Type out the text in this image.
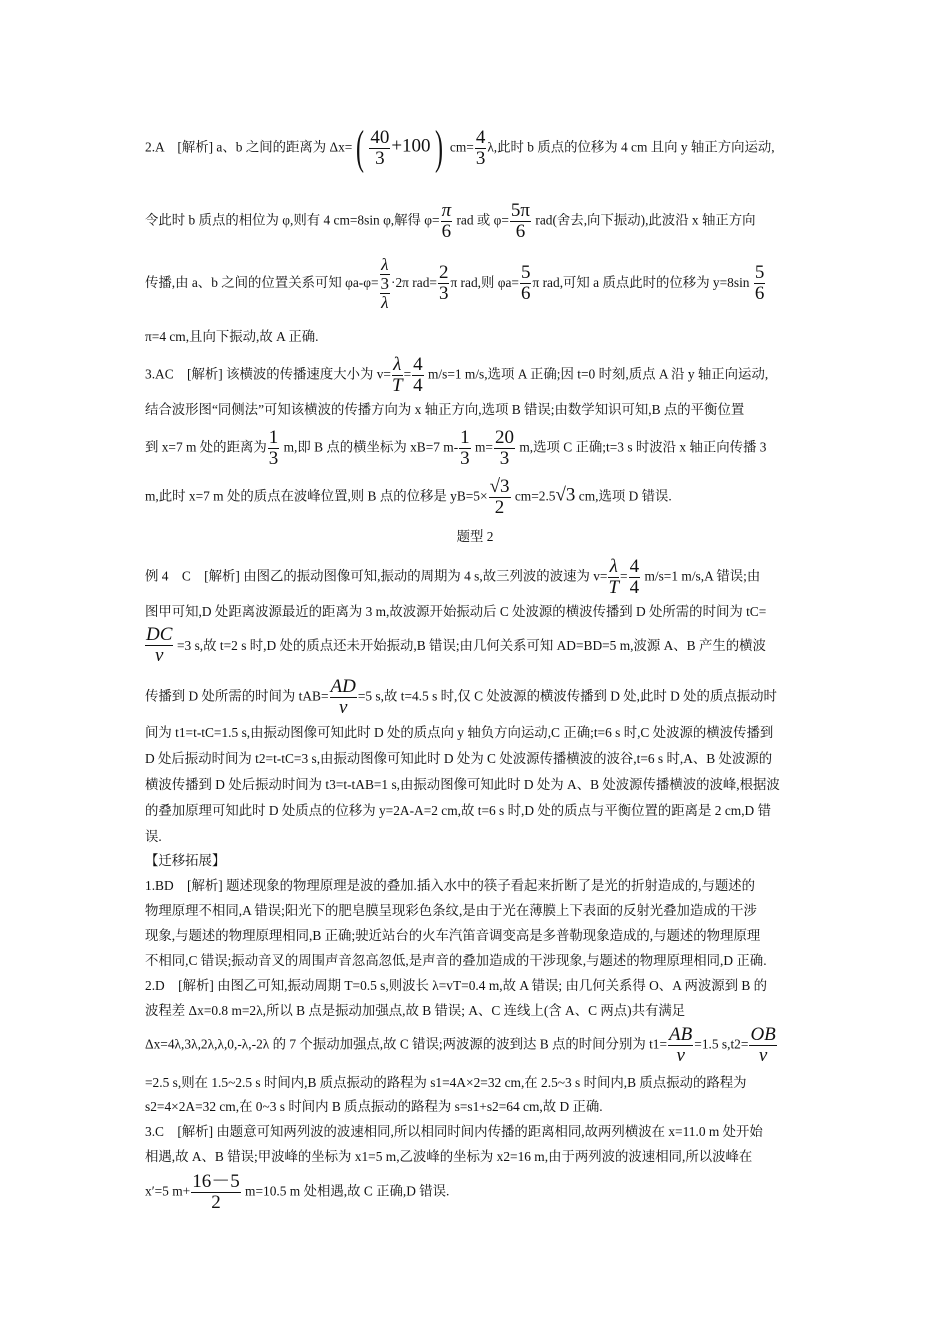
2.A　[解析] a、b 之间的距离为 $\Delta x=( \frac{40}{3} +100)$ $cm= \frac{4}{3} \lambda$,此时 b 质点的位移为 4 cm 且向 y 轴正方向运动,
令此时 b 质点的相位为 φ,则有 4 cm=8sin φ,解得 $\varphi= \frac{\pi}{6}$ rad 或 $\varphi= \frac{5\pi}{6} rad$(舍去,向下振动),此波沿 x 轴正方向
传播,由 a、b 之间的位置关系可知 φa-φ=
λ
3
λ
·2π $rad= \frac{2}{3}$ π rad,则 $\varphi a= \frac{5}{6}$ π rad,可知 a 质点此时的位移为 $y=8\sin \frac{5}{6}$
π=4 cm,且向下振动,故 A 正确.
3.AC　[解析] 该横波的传播速度大小为 $v= \frac{\lambda}{T} = \frac{4}{4} m/s=1$ m/s,选项 A 正确;因 t=0 时刻,质点 A 沿 y 轴正向运动,
结合波形图“同侧法”可知该横波的传播方向为 x 轴正方向,选项 B 错误;由数学知识可知,B 点的平衡位置
到 x=7 m 处的距离为 $\frac{1}{3} m$,即 B 点的横坐标为 xB=7 $m- \frac{1}{3} m= \frac{20}{3} m$,选项 C 正确;t=3 s 时波沿 x 轴正向传播 3
m,此时 x=7 m 处的质点在波峰位置,则 B 点的位移是 $yB=5\times \frac{√3}{2} cm=2.5√3$ cm,选项 D 错误.
题型 2
例 4　C　[解析] 由图乙的振动图像可知,振动的周期为 4 s,故三列波的波速为 $v= \frac{\lambda}{T} = \frac{4}{4} m/s=1$ m/s,A 错误;由
图甲可知,D 处距离波源最近的距离为 3 m,故波源开始振动后 C 处波源的横波传播到 D 处所需的时间为 tC=
$\frac{DC}{v} =3$ s,故 t=2 s 时,D 处的质点还未开始振动,B 错误;由几何关系可知 AD=BD=5 m,波源 A、B 产生的横波
传播到 D 处所需的时间为 $tAB= \frac{AD}{v} =5$ s,故 t=4.5 s 时,仅 C 处波源的横波传播到 D 处,此时 D 处的质点振动时
间为 t1=t-tC=1.5 s,由振动图像可知此时 D 处的质点向 y 轴负方向运动,C 正确;t=6 s 时,C 处波源的横波传播到
D 处后振动时间为 t2=t-tC=3 s,由振动图像可知此时 D 处为 C 处波源传播横波的波谷,t=6 s 时,A、B 处波源的
横波传播到 D 处后振动时间为 t3=t-tAB=1 s,由振动图像可知此时 D 处为 A、B 处波源传播横波的波峰,根据波
的叠加原理可知此时 D 处质点的位移为 y=2A-A=2 cm,故 t=6 s 时,D 处的质点与平衡位置的距离是 2 cm,D 错
误.
【迁移拓展】
1.BD　[解析] 题述现象的物理原理是波的叠加.插入水中的筷子看起来折断了是光的折射造成的,与题述的
物理原理不相同,A 错误;阳光下的肥皂膜呈现彩色条纹,是由于光在薄膜上下表面的反射光叠加造成的干涉
现象,与题述的物理原理相同,B 正确;驶近站台的火车汽笛音调变高是多普勒现象造成的,与题述的物理原理
不相同,C 错误;振动音叉的周围声音忽高忽低,是声音的叠加造成的干涉现象,与题述的物理原理相同,D 正确.
2.D　[解析] 由图乙可知,振动周期 T=0.5 s,则波长 λ=vT=0.4 m,故 A 错误; 由几何关系得 O、A 两波源到 B 的
波程差 Δx=0.8 m=2λ,所以 B 点是振动加强点,故 B 错误; A、C 连线上(含 A、C 两点)共有满足
Δx=4λ,3λ,2λ,λ,0,-λ,-2λ 的 7 个振动加强点,故 C 错误;两波源的波到达 B 点的时间分别为 $t1= \frac{AB}{v} =1.5$ $s,t2= \frac{OB}{v}$
=2.5 s,则在 1.5~2.5 s 时间内,B 质点振动的路程为 s1=4A×2=32 cm,在 2.5~3 s 时间内,B 质点振动的路程为
s2=4×2A=32 cm,在 0~3 s 时间内 B 质点振动的路程为 s=s1+s2=64 cm,故 D 正确.
3.C　[解析] 由题意可知两列波的波速相同,所以相同时间内传播的距离相同,故两列横波在 x=11.0 m 处开始
相遇,故 A、B 错误;甲波峰的坐标为 x1=5 m,乙波峰的坐标为 x2=16 m,由于两列波的波速相同,所以波峰在
x′=5 $m+ \frac{16-5}{2} m=10.5$ m 处相遇,故 C 正确,D 错误.
